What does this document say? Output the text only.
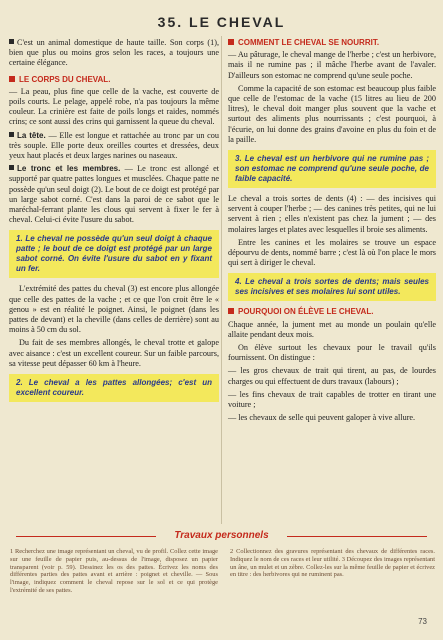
35. LE CHEVAL

C'est un animal domestique de haute taille. Son corps (1), bien que plus ou moins gros selon les races, a toujours une certaine élégance.

LE CORPS DU CHEVAL.

— La peau, plus fine que celle de la vache, est couverte de poils courts. Le pelage, appelé robe, n'a pas toujours la même couleur. La crinière est faite de poils longs et raides, nommés crins; ce sont aussi des crins qui garnissent la queue du cheval.

La tête. — Elle est longue et rattachée au tronc par un cou très souple. Elle porte deux oreilles courtes et dressées, deux yeux haut placés et deux larges narines ou naseaux.

Le tronc et les membres. — Le tronc est allongé et supporté par quatre pattes longues et musclées. Chaque patte ne possède qu'un seul doigt (2). Le bout de ce doigt est protégé par un large sabot corné. C'est dans la paroi de ce sabot que le maréchal-ferrant plante les clous qui servent à fixer le fer à cheval. Celui-ci évite l'usure du sabot.

1. Le cheval ne possède qu'un seul doigt à chaque patte ; le bout de ce doigt est protégé par un large sabot corné. On évite l'usure du sabot en y fixant un fer.

L'extrémité des pattes du cheval (3) est encore plus allongée que celle des pattes de la vache ; et ce que l'on croit être le « genou » est en réalité le poignet. Ainsi, le poignet (dans les pattes de devant) et la cheville (dans celles de derrière) sont au moins à 50 cm du sol.

Du fait de ses membres allongés, le cheval trotte et galope avec aisance : c'est un excellent coureur. Sur un faible parcours, sa vitesse peut dépasser 60 km à l'heure.

2. Le cheval a les pattes allongées; c'est un excellent coureur.
COMMENT LE CHEVAL SE NOURRIT.

— Au pâturage, le cheval mange de l'herbe ; c'est un herbivore, mais il ne rumine pas ; il mâche l'herbe avant de l'avaler. D'ailleurs son estomac ne comprend qu'une seule poche.

Comme la capacité de son estomac est beaucoup plus faible que celle de l'estomac de la vache (15 litres au lieu de 200 litres), le cheval doit manger plus souvent que la vache et surtout des aliments plus nourrissants ; c'est pourquoi, à l'écurie, on lui donne des grains d'avoine en plus du foin et de la paille.

3. Le cheval est un herbivore qui ne rumine pas ; son estomac ne comprend qu'une seule poche, de faible capacité.

Le cheval a trois sortes de dents (4) : — des incisives qui servent à couper l'herbe ; — des canines très petites, qui ne lui servent à rien ; elles n'existent pas chez la jument ; — des molaires larges et plates avec lesquelles il broie ses aliments.

Entre les canines et les molaires se trouve un espace dépourvu de dents, nommé barre ; c'est là où l'on place le mors qui sert à diriger le cheval.

4. Le cheval a trois sortes de dents; mais seules ses incisives et ses molaires lui sont utiles.
POURQUOI ON ÉLÈVE LE CHEVAL.

Chaque année, la jument met au monde un poulain qu'elle allaite pendant deux mois.

On élève surtout les chevaux pour le travail qu'ils fournissent. On distingue :

— les gros chevaux de trait qui tirent, au pas, de lourdes charges ou qui effectuent de durs travaux (labours) ;

— les fins chevaux de trait capables de trotter en tirant une voiture ;

— les chevaux de selle qui peuvent galoper à vive allure.

Travaux personnels
1 Recherchez une image représentant un cheval, vu de profil. Collez cette image sur une feuille de papier puis, au-dessus de l'image, disposez un papier transparent (voir p. 59). Dessinez les os des pattes. Écrivez les noms des différentes parties des pattes avant et arrière : poignet et cheville. — Sous l'image, indiquez comment le cheval repose sur le sol et ce qui protège l'extrémité de ses pattes.
2 Collectionnez des gravures représentant des chevaux de différentes races. Indiquez le nom de ces races et leur utilité. 3 Découpez des images représentant un âne, un mulet et un zèbre. Collez-les sur la même feuille de papier et écrivez en titre : des herbivores qui ne ruminent pas.
73
